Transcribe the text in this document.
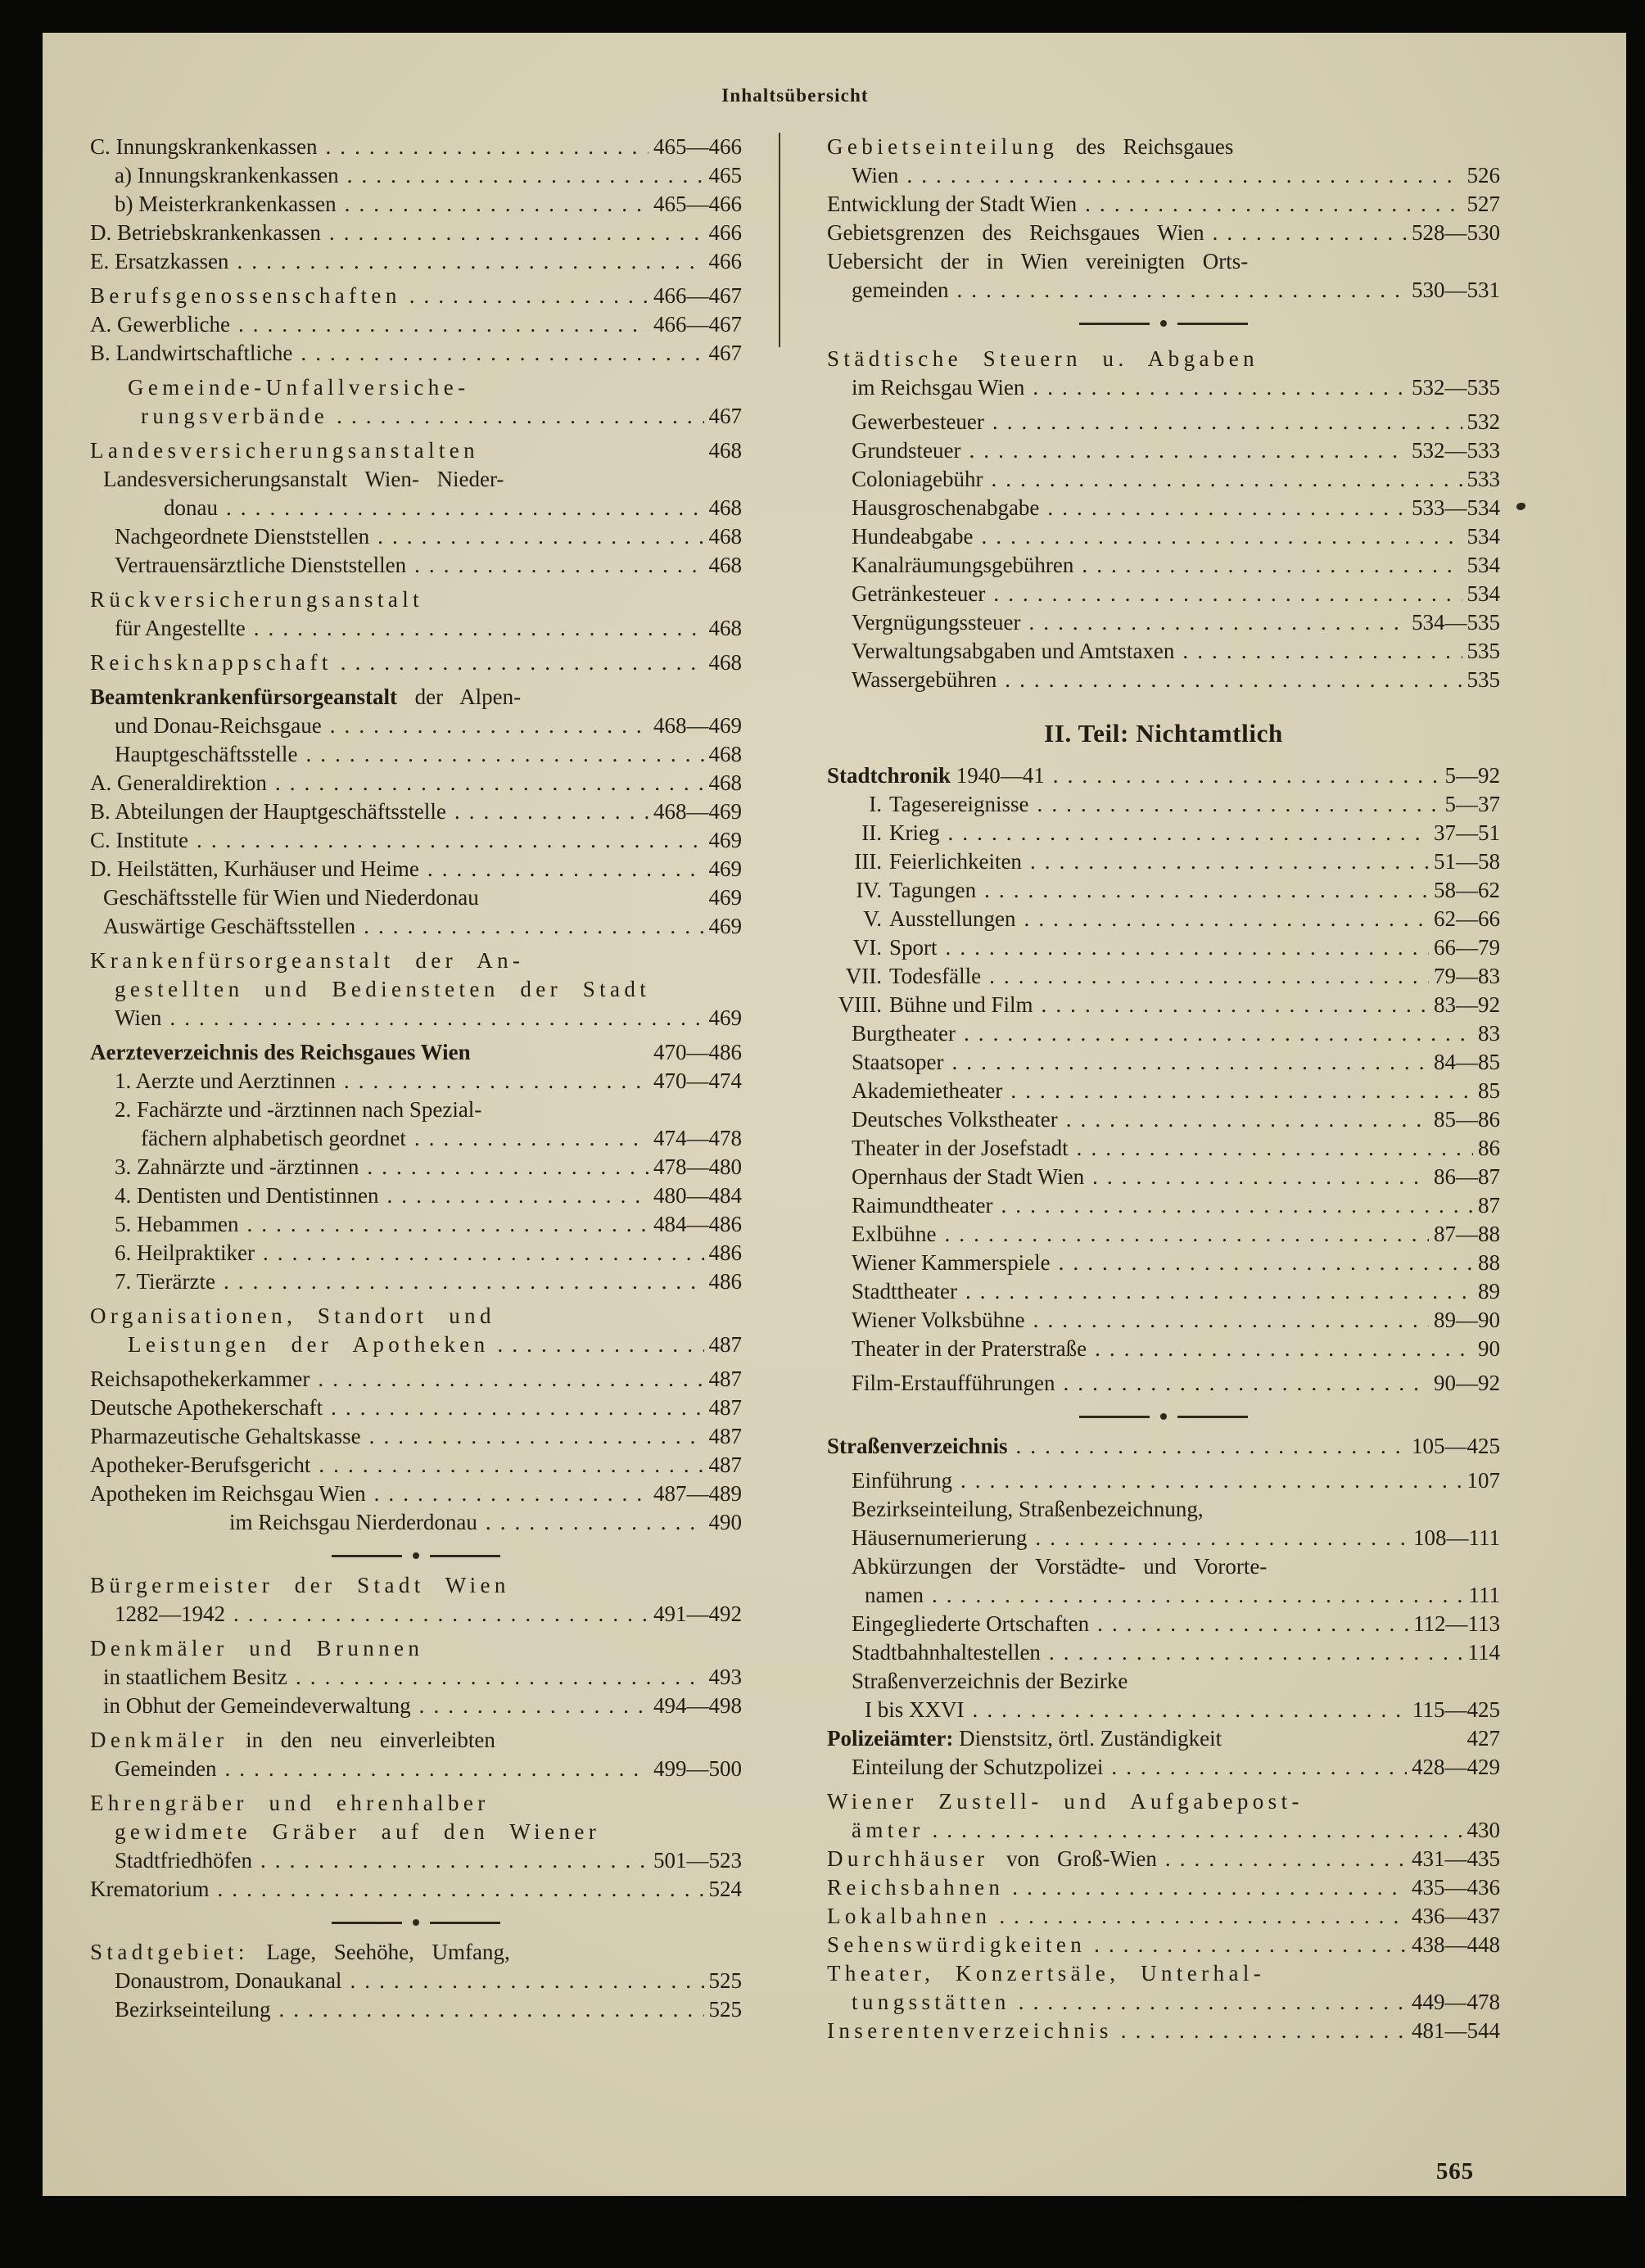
Inhaltsübersicht
C. Innungskrankenkassen . . .	465—466
a) Innungskrankenkassen . . .	465
b) Meisterkrankenkassen . . .	465—466
D. Betriebskrankenkassen . . .	466
E. Ersatzkassen . . .	466
Berufsgenossenschaften . . .	466—467
A. Gewerbliche . . .	466—467
B. Landwirtschaftliche . . .	467
Gemeinde-Unfallversiche-
rungsverbände . . .	467
Landesversicherungsanstalten	468
Landesversicherungsanstalt Wien- Nieder-
donau . . .	468
Nachgeordnete Dienststellen . . .	468
Vertrauensärztliche Dienststellen . . .	468
Rückversicherungsanstalt
für Angestellte . . .	468
Reichsknappschaft . . .	468
Beamtenkrankenfürsorgeanstalt der Alpen-
und Donau-Reichsgaue . . .	468—469
Hauptgeschäftsstelle . . .	468
A. Generaldirektion . . .	468
B. Abteilungen der Hauptgeschäftsstelle . . .	468—469
C. Institute . . .	469
D. Heilstätten, Kurhäuser und Heime . . .	469
Geschäftsstelle für Wien und Niederdonau	469
Auswärtige Geschäftsstellen . . .	469
Krankenfürsorgeanstalt der An-
gestellten und Bediensteten der Stadt
Wien . . .	469
Aerzteverzeichnis des Reichsgaues Wien	470—486
1. Aerzte und Aerztinnen . . .	470—474
2. Fachärzte und -ärztinnen nach Spezial-
fächern alphabetisch geordnet . . .	474—478
3. Zahnärzte und -ärztinnen . . .	478—480
4. Dentisten und Dentistinnen . . .	480—484
5. Hebammen . . .	484—486
6. Heilpraktiker . . .	486
7. Tierärzte . . .	486
Organisationen, Standort und
Leistungen der Apotheken . . .	487
Reichsapothekerkammer . . .	487
Deutsche Apothekerschaft . . .	487
Pharmazeutische Gehaltskasse . . .	487
Apotheker-Berufsgericht . . .	487
Apotheken im Reichsgau Wien . . .	487—489
im Reichsgau Nierderdonau . . .	490
Bürgermeister der Stadt Wien
1282—1942 . . .	491—492
Denkmäler und Brunnen
in staatlichem Besitz . . .	493
in Obhut der Gemeindeverwaltung . . .	494—498
Denkmäler in den neu einverleibten
Gemeinden . . .	499—500
Ehrengräber und ehrenhalber
gewidmete Gräber auf den Wiener
Stadtfriedhöfen . . .	501—523
Krematorium . . .	524
Stadtgebiet: Lage, Seehöhe, Umfang,
Donaustrom, Donaukanal . . .	525
Bezirkseinteilung . . .	525
Gebietseinteilung des Reichsgaues
Wien . . .	526
Entwicklung der Stadt Wien . . .	527
Gebietsgrenzen des Reichsgaues Wien . . .	528—530
Uebersicht der in Wien vereinigten Orts-
gemeinden . . .	530—531
Städtische Steuern u. Abgaben
im Reichsgau Wien . . .	532—535
Gewerbesteuer . . .	532
Grundsteuer . . .	532—533
Coloniagebühr . . .	533
Hausgroschenabgabe . . .	533—534
Hundeabgabe . . .	534
Kanalräumungsgebühren . . .	534
Getränkesteuer . . .	534
Vergnügungssteuer . . .	534—535
Verwaltungsabgaben und Amtstaxen . . .	535
Wassergebühren . . .	535
II. Teil: Nichtamtlich
Stadtchronik 1940—41 . . .	5—92
I. Tagesereignisse . . .	5—37
II. Krieg . . .	37—51
III. Feierlichkeiten . . .	51—58
IV. Tagungen . . .	58—62
V. Ausstellungen . . .	62—66
VI. Sport . . .	66—79
VII. Todesfälle . . .	79—83
VIII. Bühne und Film . . .	83—92
Burgtheater . . .	83
Staatsoper . . .	84—85
Akademietheater . . .	85
Deutsches Volkstheater . . .	85—86
Theater in der Josefstadt . . .	86
Opernhaus der Stadt Wien . . .	86—87
Raimundtheater . . .	87
Exlbühne . . .	87—88
Wiener Kammerspiele . . .	88
Stadttheater . . .	89
Wiener Volksbühne . . .	89—90
Theater in der Praterstraße . . .	90
Film-Erstaufführungen . . .	90—92
Straßenverzeichnis . . .	105—425
Einführung . . .	107
Bezirkseinteilung, Straßenbezeichnung,
Häusernumerierung . . .	108—111
Abkürzungen der Vorstädte- und Vororte-
namen . . .	111
Eingegliederte Ortschaften . . .	112—113
Stadtbahnhaltestellen . . .	114
Straßenverzeichnis der Bezirke
I bis XXVI . . .	115—425
Polizeiämter: Dienstsitz, örtl. Zuständigkeit	427
Einteilung der Schutzpolizei . . .	428—429
Wiener Zustell- und Aufgabepost-
ämter . . .	430
Durchhäuser von Groß-Wien . . .	431—435
Reichsbahnen . . .	435—436
Lokalbahnen . . .	436—437
Sehenswürdigkeiten . . .	438—448
Theater, Konzertsäle, Unterhal-
tungsstätten . . .	449—478
Inserentenverzeichnis . . .	481—544
565
